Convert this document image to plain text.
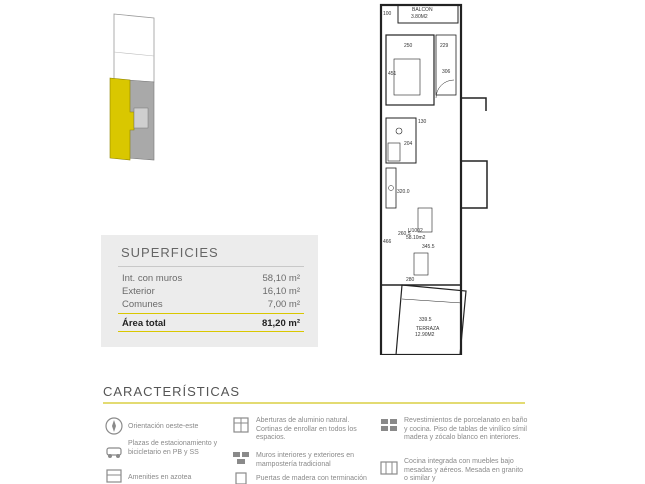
BALCON
3.80M2
100
250	229
451	306
204
130
320.0
345.5
260.5
280
339.5
466
U1002
58.10m2
TERRAZA
12.90M2
SUPERFICIES
Int. con muros	58,10 m²
Exterior	16,10 m²
Comunes	7,00 m²
Área total	81,20 m²
CARACTERÍSTICAS
Orientación oeste-este
Plazas de estacionamiento y bicicletario en PB y SS
Amenities en azotea
Aberturas de aluminio natural. Cortinas de enrollar en todos los espacios.
Muros interiores y exteriores en mampostería tradicional
Puertas de madera con terminación
Revestimientos de porcelanato en baño y cocina. Piso de tablas de vinílico símil madera y zócalo blanco en interiores.
Cocina integrada con muebles bajo mesadas y aéreos. Mesada en granito o similar y
